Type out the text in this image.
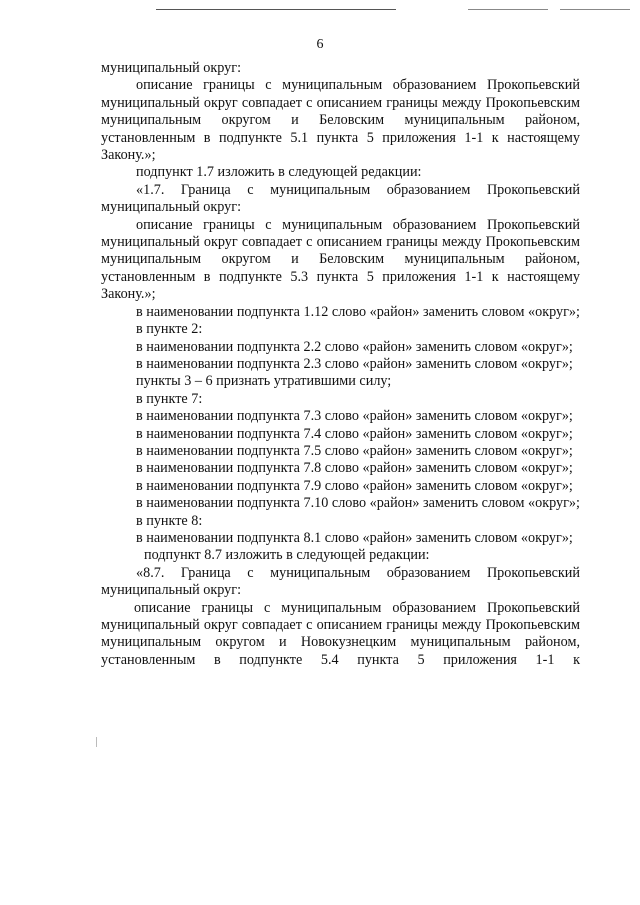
6

муниципальный округ:

описание границы с муниципальным образованием Прокопьевский муниципальный округ совпадает с описанием границы между Прокопьевским муниципальным округом и Беловским муниципальным районом, установленным в подпункте 5.1 пункта 5 приложения 1-1 к настоящему Закону.»;

подпункт 1.7 изложить в следующей редакции:

«1.7. Граница с муниципальным образованием Прокопьевский муниципальный округ:

описание границы с муниципальным образованием Прокопьевский муниципальный округ совпадает с описанием границы между Прокопьевским муниципальным округом и Беловским муниципальным районом, установленным в подпункте 5.3 пункта 5 приложения 1-1 к настоящему Закону.»;

в наименовании подпункта 1.12 слово «район» заменить словом «округ»;

в пункте 2:

в наименовании подпункта 2.2 слово «район» заменить словом «округ»;

в наименовании подпункта 2.3 слово «район» заменить словом «округ»;

пункты 3 – 6 признать утратившими силу;

в пункте 7:

в наименовании подпункта 7.3 слово «район» заменить словом «округ»;

в наименовании подпункта 7.4 слово «район» заменить словом «округ»;

в наименовании подпункта 7.5 слово «район» заменить словом «округ»;

в наименовании подпункта 7.8 слово «район» заменить словом «округ»;

в наименовании подпункта 7.9 слово «район» заменить словом «округ»;

в наименовании подпункта 7.10 слово «район» заменить словом «округ»;

в пункте 8:

в наименовании подпункта 8.1 слово «район» заменить словом «округ»;

подпункт 8.7 изложить в следующей редакции:

«8.7. Граница с муниципальным образованием Прокопьевский муниципальный округ:

описание границы с муниципальным образованием Прокопьевский муниципальный округ совпадает с описанием границы между Прокопьевским муниципальным округом и Новокузнецким муниципальным районом, установленным в подпункте 5.4 пункта 5 приложения 1-1 к
